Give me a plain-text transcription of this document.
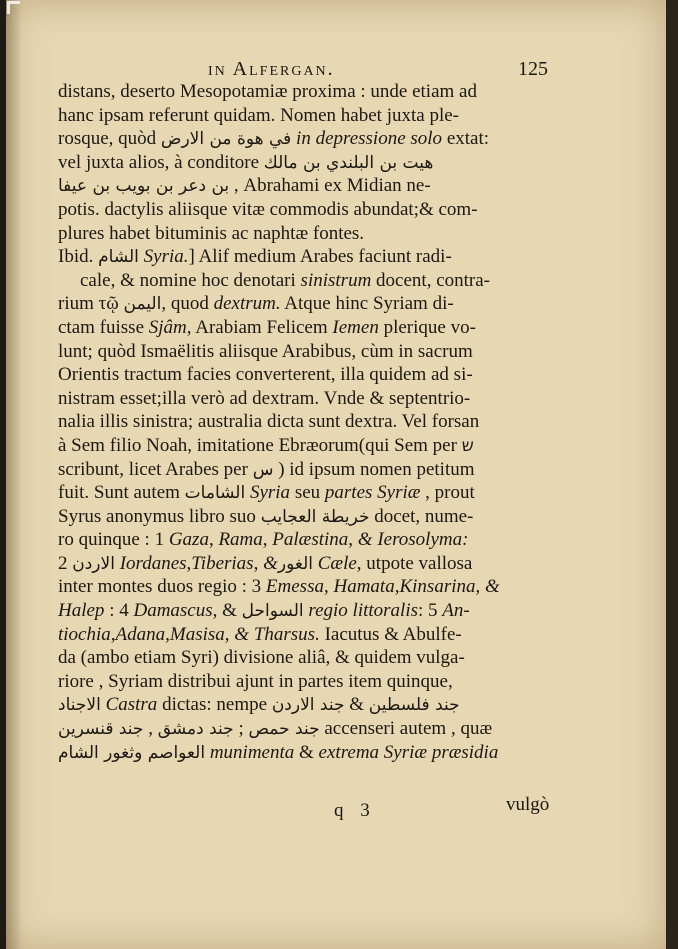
in Alfergan.	125
distans, deserto Mesopotamiæ proxima : unde etiam ad
hanc ipsam referunt quidam. Nomen habet juxta ple-
rosque, quòd في هوة من الارض in depressione solo extat:
vel juxta alios, à conditore هيت بن البلندي بن مالك
بن دعر بن بويب بن عيفا , Abrahami ex Midian ne-
potis. dactylis aliisque vitæ commodis abundat;& com-
plures habet bituminis ac naphtæ fontes.
Ibid. الشام Syria.] Alif medium Arabes faciunt radi-
cale, & nomine hoc denotari sinistrum docent, contra-
rium τῷ اليمن, quod dextrum. Atque hinc Syriam di-
ctam fuisse Sjâm, Arabiam Felicem Iemen plerique vo-
lunt; quòd Ismaëlitis aliisque Arabibus, cùm in sacrum
Orientis tractum facies converterent, illa quidem ad si-
nistram esset;illa verò ad dextram. Vnde & septentrio-
nalia illis sinistra; australia dicta sunt dextra. Vel forsan
à Sem filio Noah, imitatione Ebræorum(qui Sem per ש
scribunt, licet Arabes per س ) id ipsum nomen petitum
fuit. Sunt autem الشامات Syria seu partes Syriæ , prout
Syrus anonymus libro suo خريطة العجايب docet, nume-
ro quinque : 1 Gaza, Rama, Palæstina, & Ierosolyma:
2 الاردن Iordanes,Tiberias, &الغور Cæle, utpote vallosa
inter montes duos regio : 3 Emessa, Hamata,Kinsarina, &
Halep : 4 Damascus, & السواحل regio littoralis: 5 An-
tiochia,Adana,Masisa, & Tharsus. Iacutus & Abulfe-
da (ambo etiam Syri) divisione aliâ, & quidem vulga-
riore , Syriam distribui ajunt in partes item quinque,
الاجناد Castra dictas: nempe جند الاردن & جند فلسطين
جند قنسرين , جند دمشق ; جند حمص accenseri autem , quæ
العواصم وثغور الشام munimenta & extrema Syriæ præsidia
q 3	vulgò
